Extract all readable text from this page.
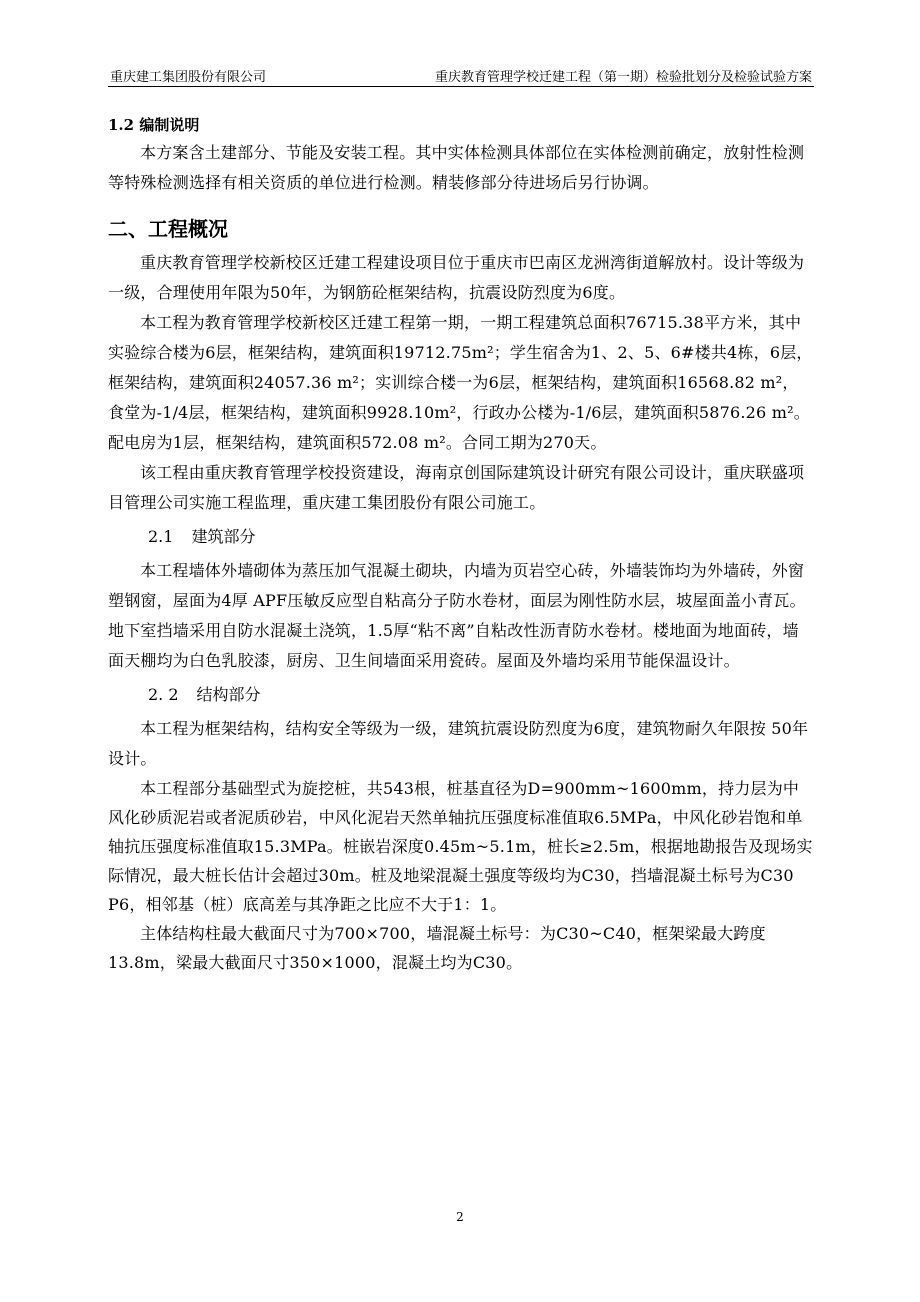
重庆建工集团股份有限公司	重庆教育管理学校迁建工程（第一期）检验批划分及检验试验方案
1.2 编制说明

本方案含土建部分、节能及安装工程。其中实体检测具体部位在实体检测前确定，放射性检测等特殊检测选择有相关资质的单位进行检测。精装修部分待进场后另行协调。

二、工程概况

重庆教育管理学校新校区迁建工程建设项目位于重庆市巴南区龙洲湾街道解放村。设计等级为一级，合理使用年限为50年，为钢筋砼框架结构，抗震设防烈度为6度。

本工程为教育管理学校新校区迁建工程第一期，一期工程建筑总面积76715.38平方米，其中实验综合楼为6层，框架结构，建筑面积19712.75m²；学生宿舍为1、2、5、6#楼共4栋，6层，框架结构，建筑面积24057.36 m²；实训综合楼一为6层，框架结构，建筑面积16568.82 m²，食堂为-1/4层，框架结构，建筑面积9928.10m²，行政办公楼为-1/6层，建筑面积5876.26 m²。配电房为1层，框架结构，建筑面积572.08 m²。合同工期为270天。

该工程由重庆教育管理学校投资建设，海南京创国际建筑设计研究有限公司设计，重庆联盛项目管理公司实施工程监理，重庆建工集团股份有限公司施工。

2.1 建筑部分

本工程墙体外墙砌体为蒸压加气混凝土砌块，内墙为页岩空心砖，外墙装饰均为外墙砖，外窗塑钢窗，屋面为4厚 APF压敏反应型自粘高分子防水卷材，面层为刚性防水层，坡屋面盖小青瓦。地下室挡墙采用自防水混凝土浇筑，1.5厚“粘不离”自粘改性沥青防水卷材。楼地面为地面砖，墙面天棚均为白色乳胶漆，厨房、卫生间墙面采用瓷砖。屋面及外墙均采用节能保温设计。

2. 2 结构部分

本工程为框架结构，结构安全等级为一级，建筑抗震设防烈度为6度，建筑物耐久年限按 50年设计。

本工程部分基础型式为旋挖桩，共543根，桩基直径为D=900mm~1600mm，持力层为中风化砂质泥岩或者泥质砂岩，中风化泥岩天然单轴抗压强度标准值取6.5MPa，中风化砂岩饱和单轴抗压强度标准值取15.3MPa。桩嵌岩深度0.45m~5.1m，桩长≥2.5m，根据地勘报告及现场实际情况，最大桩长估计会超过30m。桩及地梁混凝土强度等级均为C30，挡墙混凝土标号为C30 P6，相邻基（桩）底高差与其净距之比应不大于1：1。

主体结构柱最大截面尺寸为700×700，墙混凝土标号：为C30~C40，框架梁最大跨度13.8m，梁最大截面尺寸350×1000，混凝土均为C30。

2
